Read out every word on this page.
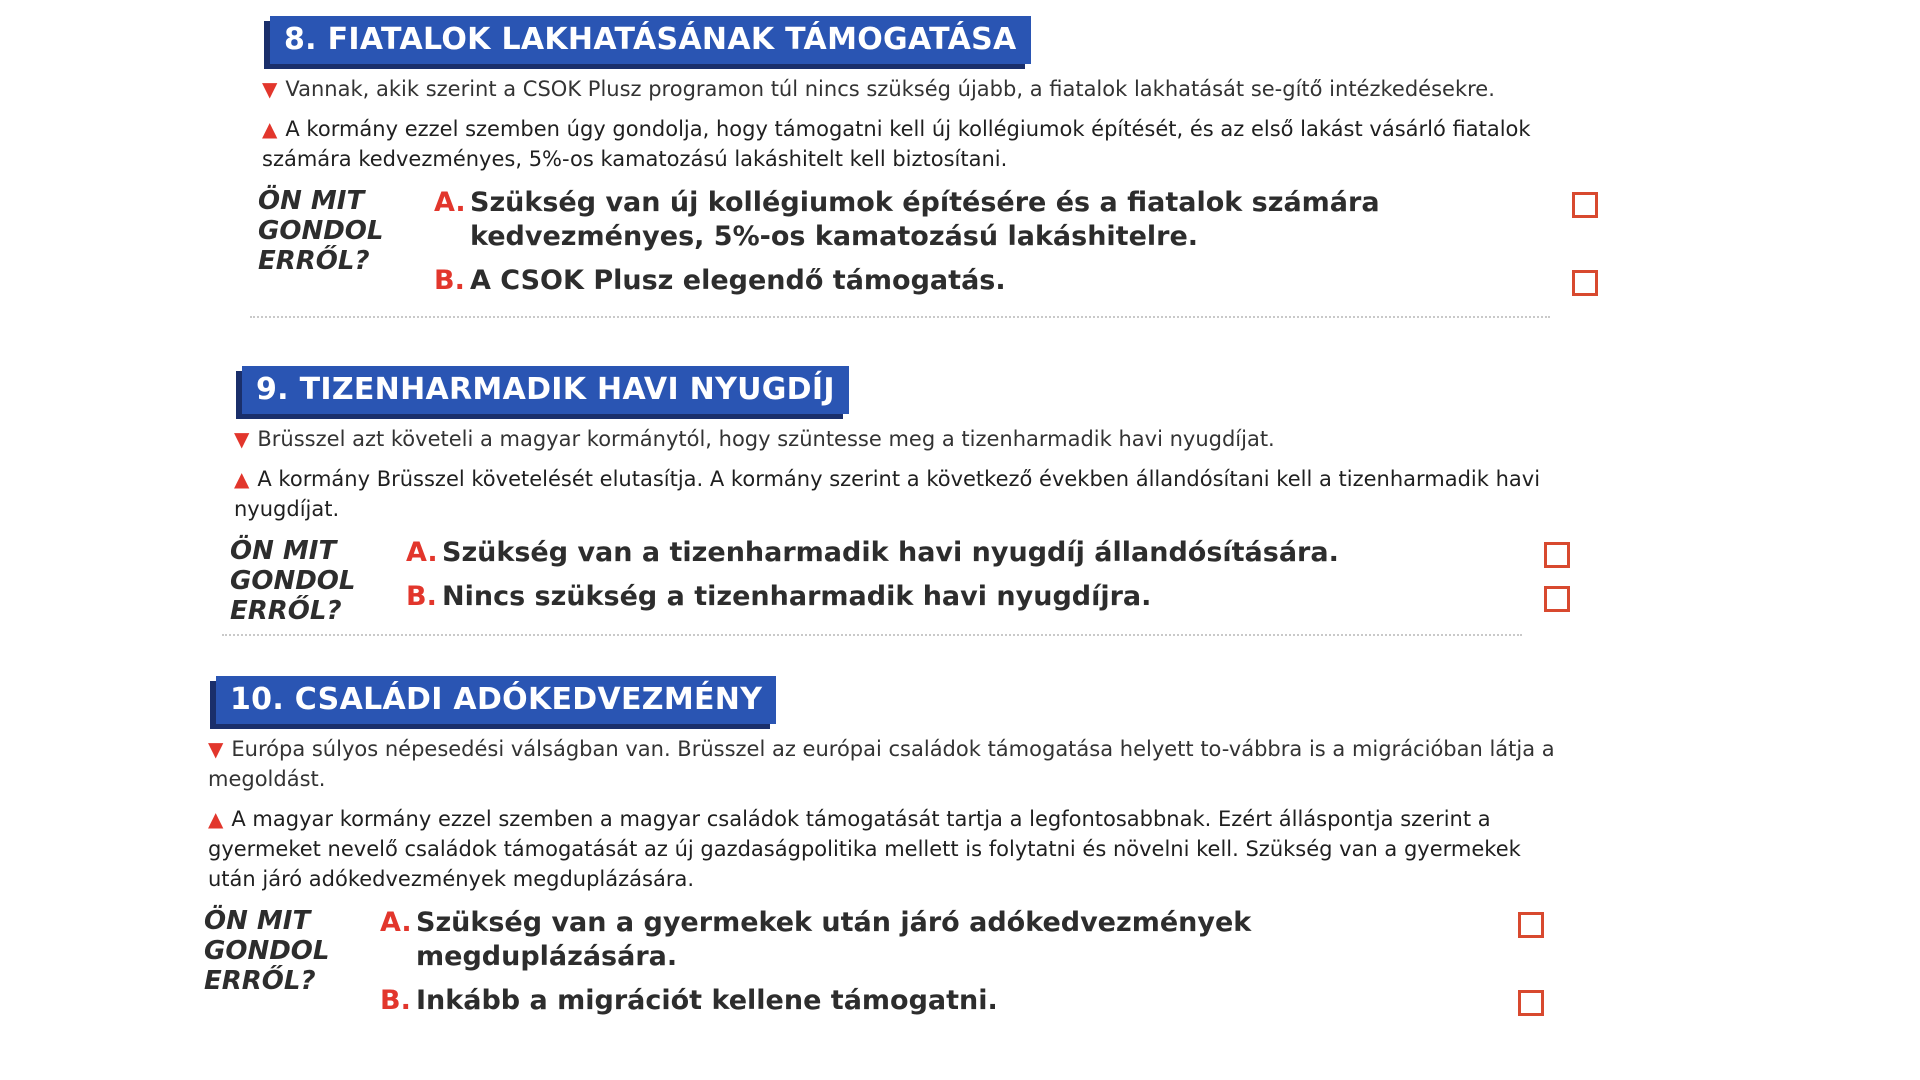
8. FIATALOK LAKHATÁSÁNAK TÁMOGATÁSA
▼ Vannak, akik szerint a CSOK Plusz programon túl nincs szükség újabb, a fiatalok lakhatását se-gítő intézkedésekre.
▲ A kormány ezzel szemben úgy gondolja, hogy támogatni kell új kollégiumok építését, és az első lakást vásárló fiatalok számára kedvezményes, 5%-os kamatozású lakáshitelt kell biztosítani.
ÖN MIT GONDOL ERRŐL?
A. Szükség van új kollégiumok építésére és a fiatalok számára kedvezményes, 5%-os kamatozású lakáshitelre.
B. A CSOK Plusz elegendő támogatás.
9. TIZENHARMADIK HAVI NYUGDÍJ
▼ Brüsszel azt követeli a magyar kormánytól, hogy szüntesse meg a tizenharmadik havi nyugdíjat.
▲ A kormány Brüsszel követelését elutasítja. A kormány szerint a következő években állandósítani kell a tizenharmadik havi nyugdíjat.
ÖN MIT GONDOL ERRŐL?
A. Szükség van a tizenharmadik havi nyugdíj állandósítására.
B. Nincs szükség a tizenharmadik havi nyugdíjra.
10. CSALÁDI ADÓKEDVEZMÉNY
▼ Európa súlyos népesedési válságban van. Brüsszel az európai családok támogatása helyett to-vábbra is a migrációban látja a megoldást.
▲ A magyar kormány ezzel szemben a magyar családok támogatását tartja a legfontosabbnak. Ezért álláspontja szerint a gyermeket nevelő családok támogatását az új gazdaságpolitika mellett is folytatni és növelni kell. Szükség van a gyermekek után járó adókedvezmények megduplázására.
ÖN MIT GONDOL ERRŐL?
A. Szükség van a gyermekek után járó adókedvezmények megduplázására.
B. Inkább a migrációt kellene támogatni.
